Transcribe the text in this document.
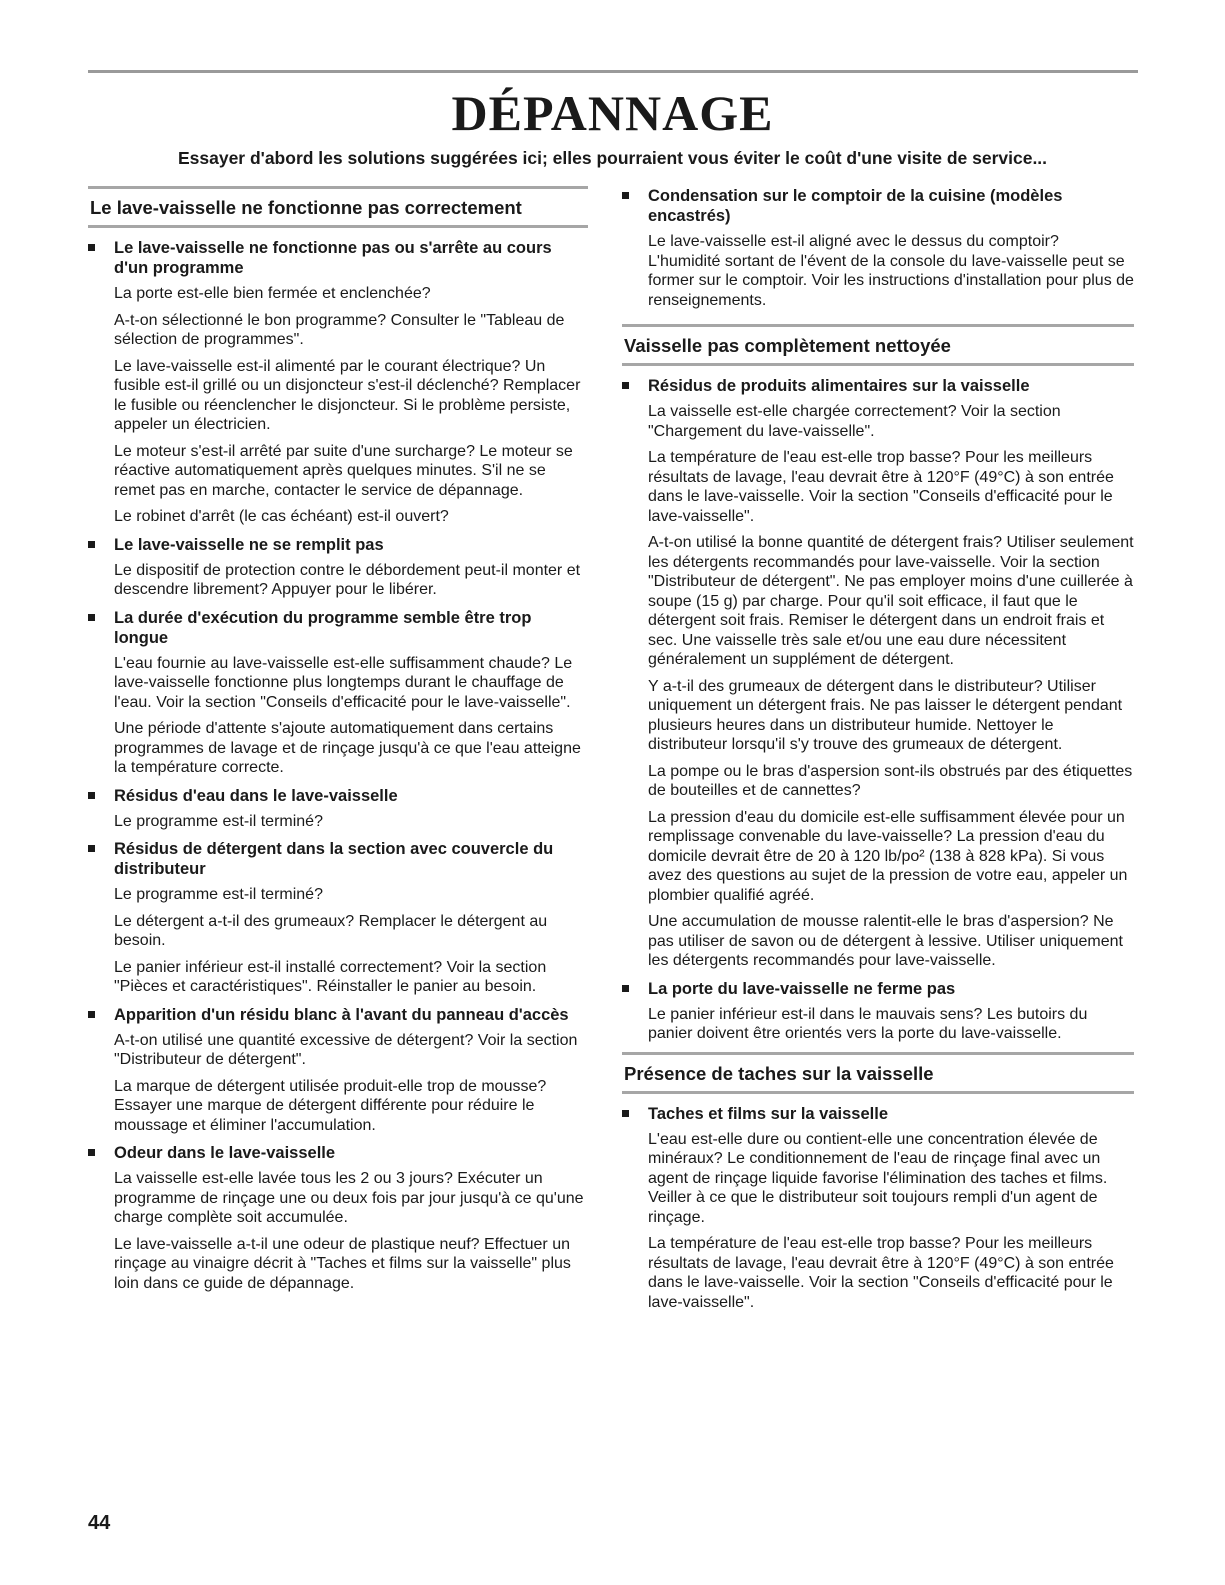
DÉPANNAGE
Essayer d'abord les solutions suggérées ici; elles pourraient vous éviter le coût d'une visite de service...
Le lave-vaisselle ne fonctionne pas correctement
Le lave-vaisselle ne fonctionne pas ou s'arrête au cours d'un programme

La porte est-elle bien fermée et enclenchée?

A-t-on sélectionné le bon programme? Consulter le "Tableau de sélection de programmes".

Le lave-vaisselle est-il alimenté par le courant électrique? Un fusible est-il grillé ou un disjoncteur s'est-il déclenché? Remplacer le fusible ou réenclencher le disjoncteur. Si le problème persiste, appeler un électricien.

Le moteur s'est-il arrêté par suite d'une surcharge? Le moteur se réactive automatiquement après quelques minutes. S'il ne se remet pas en marche, contacter le service de dépannage.

Le robinet d'arrêt (le cas échéant) est-il ouvert?

Le lave-vaisselle ne se remplit pas

Le dispositif de protection contre le débordement peut-il monter et descendre librement? Appuyer pour le libérer.

La durée d'exécution du programme semble être trop longue

L'eau fournie au lave-vaisselle est-elle suffisamment chaude? Le lave-vaisselle fonctionne plus longtemps durant le chauffage de l'eau. Voir la section "Conseils d'efficacité pour le lave-vaisselle".

Une période d'attente s'ajoute automatiquement dans certains programmes de lavage et de rinçage jusqu'à ce que l'eau atteigne la température correcte.

Résidus d'eau dans le lave-vaisselle

Le programme est-il terminé?

Résidus de détergent dans la section avec couvercle du distributeur

Le programme est-il terminé?

Le détergent a-t-il des grumeaux? Remplacer le détergent au besoin.

Le panier inférieur est-il installé correctement? Voir la section "Pièces et caractéristiques". Réinstaller le panier au besoin.

Apparition d'un résidu blanc à l'avant du panneau d'accès

A-t-on utilisé une quantité excessive de détergent? Voir la section "Distributeur de détergent".

La marque de détergent utilisée produit-elle trop de mousse? Essayer une marque de détergent différente pour réduire le moussage et éliminer l'accumulation.

Odeur dans le lave-vaisselle

La vaisselle est-elle lavée tous les 2 ou 3 jours? Exécuter un programme de rinçage une ou deux fois par jour jusqu'à ce qu'une charge complète soit accumulée.

Le lave-vaisselle a-t-il une odeur de plastique neuf? Effectuer un rinçage au vinaigre décrit à "Taches et films sur la vaisselle" plus loin dans ce guide de dépannage.

Condensation sur le comptoir de la cuisine (modèles encastrés)

Le lave-vaisselle est-il aligné avec le dessus du comptoir? L'humidité sortant de l'évent de la console du lave-vaisselle peut se former sur le comptoir. Voir les instructions d'installation pour plus de renseignements.

Vaisselle pas complètement nettoyée
Résidus de produits alimentaires sur la vaisselle

La vaisselle est-elle chargée correctement? Voir la section "Chargement du lave-vaisselle".

La température de l'eau est-elle trop basse? Pour les meilleurs résultats de lavage, l'eau devrait être à 120°F (49°C) à son entrée dans le lave-vaisselle. Voir la section "Conseils d'efficacité pour le lave-vaisselle".

A-t-on utilisé la bonne quantité de détergent frais? Utiliser seulement les détergents recommandés pour lave-vaisselle. Voir la section "Distributeur de détergent". Ne pas employer moins d'une cuillerée à soupe (15 g) par charge. Pour qu'il soit efficace, il faut que le détergent soit frais. Remiser le détergent dans un endroit frais et sec. Une vaisselle très sale et/ou une eau dure nécessitent généralement un supplément de détergent.

Y a-t-il des grumeaux de détergent dans le distributeur? Utiliser uniquement un détergent frais. Ne pas laisser le détergent pendant plusieurs heures dans un distributeur humide. Nettoyer le distributeur lorsqu'il s'y trouve des grumeaux de détergent.

La pompe ou le bras d'aspersion sont-ils obstrués par des étiquettes de bouteilles et de cannettes?

La pression d'eau du domicile est-elle suffisamment élevée pour un remplissage convenable du lave-vaisselle? La pression d'eau du domicile devrait être de 20 à 120 lb/po² (138 à 828 kPa). Si vous avez des questions au sujet de la pression de votre eau, appeler un plombier qualifié agréé.

Une accumulation de mousse ralentit-elle le bras d'aspersion? Ne pas utiliser de savon ou de détergent à lessive. Utiliser uniquement les détergents recommandés pour lave-vaisselle.

La porte du lave-vaisselle ne ferme pas

Le panier inférieur est-il dans le mauvais sens? Les butoirs du panier doivent être orientés vers la porte du lave-vaisselle.

Présence de taches sur la vaisselle
Taches et films sur la vaisselle

L'eau est-elle dure ou contient-elle une concentration élevée de minéraux? Le conditionnement de l'eau de rinçage final avec un agent de rinçage liquide favorise l'élimination des taches et films. Veiller à ce que le distributeur soit toujours rempli d'un agent de rinçage.

La température de l'eau est-elle trop basse? Pour les meilleurs résultats de lavage, l'eau devrait être à 120°F (49°C) à son entrée dans le lave-vaisselle. Voir la section "Conseils d'efficacité pour le lave-vaisselle".

44
